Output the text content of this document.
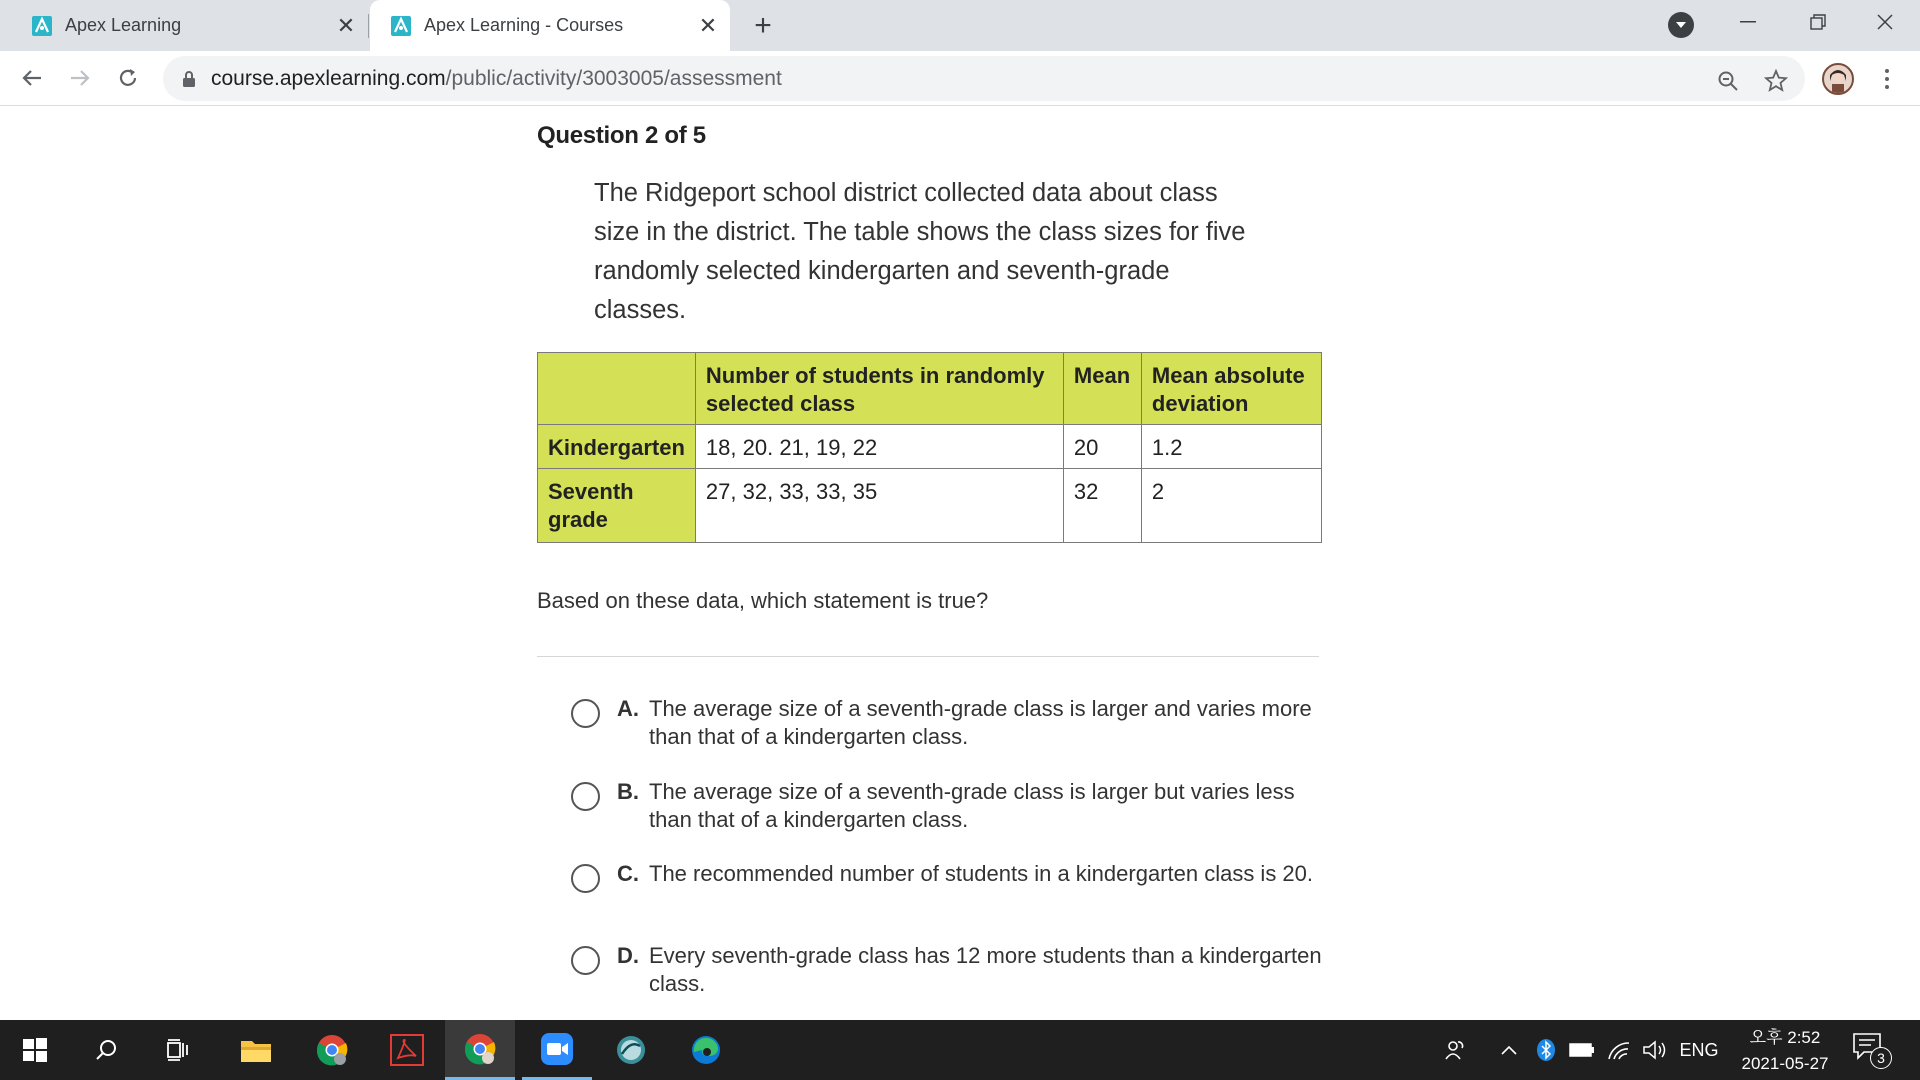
Apex Learning	✕	Apex Learning - Courses	✕	+
course.apexlearning.com/public/activity/3003005/assessment
Question 2 of 5
The Ridgeport school district collected data about class size in the district. The table shows the class sizes for five randomly selected kindergarten and seventh-grade classes.
	Number of students in randomly selected class	Mean	Mean absolute deviation
Kindergarten	18, 20. 21, 19, 22	20	1.2
Seventh grade	27, 32, 33, 33, 35	32	2
Based on these data, which statement is true?
A. The average size of a seventh-grade class is larger and varies more than that of a kindergarten class.
B. The average size of a seventh-grade class is larger but varies less than that of a kindergarten class.
C. The recommended number of students in a kindergarten class is 20.
D. Every seventh-grade class has 12 more students than a kindergarten class.
ENG
오후 2:52
2021-05-27	3
